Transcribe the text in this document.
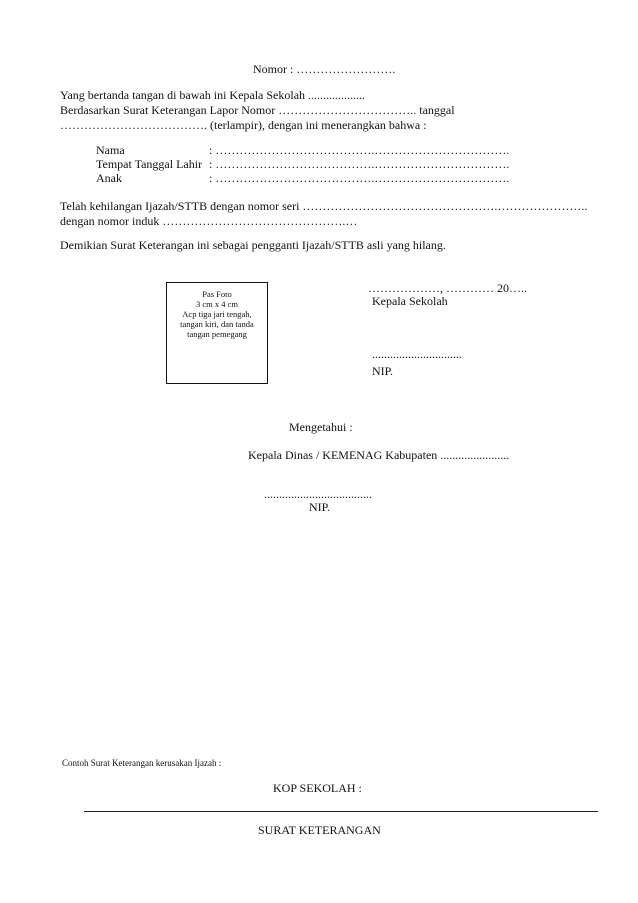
Nomor : …………………….
Yang bertanda tangan di bawah ini Kepala Sekolah ...................
Berdasarkan Surat Keterangan Lapor Nomor …………………………….. tanggal
………………………………. (terlampir), dengan ini menerangkan bahwa :
Nama	: ………………………………….…………………………….
Tempat Tanggal Lahir : ………………………………….…………………………….
Anak	: ………………………………….…………………………….
Telah kehilangan Ijazah/STTB dengan nomor seri ………………………………………….…………………..
dengan nomor induk ……………………………………….…
Demikian Surat Keterangan ini sebagai pengganti Ijazah/STTB asli yang hilang.
Pas Foto
3 cm x 4 cm
Acp tiga jari tengah,
tangan kiri, dan tanda
tangan pemegang
………………, ………… 20…..
Kepala Sekolah
..............................
NIP.
Mengetahui :
Kepala Dinas / KEMENAG Kabupaten .......................
....................................
NIP.
Contoh Surat Keterangan kerusakan Ijazah :
KOP SEKOLAH :
SURAT KETERANGAN
